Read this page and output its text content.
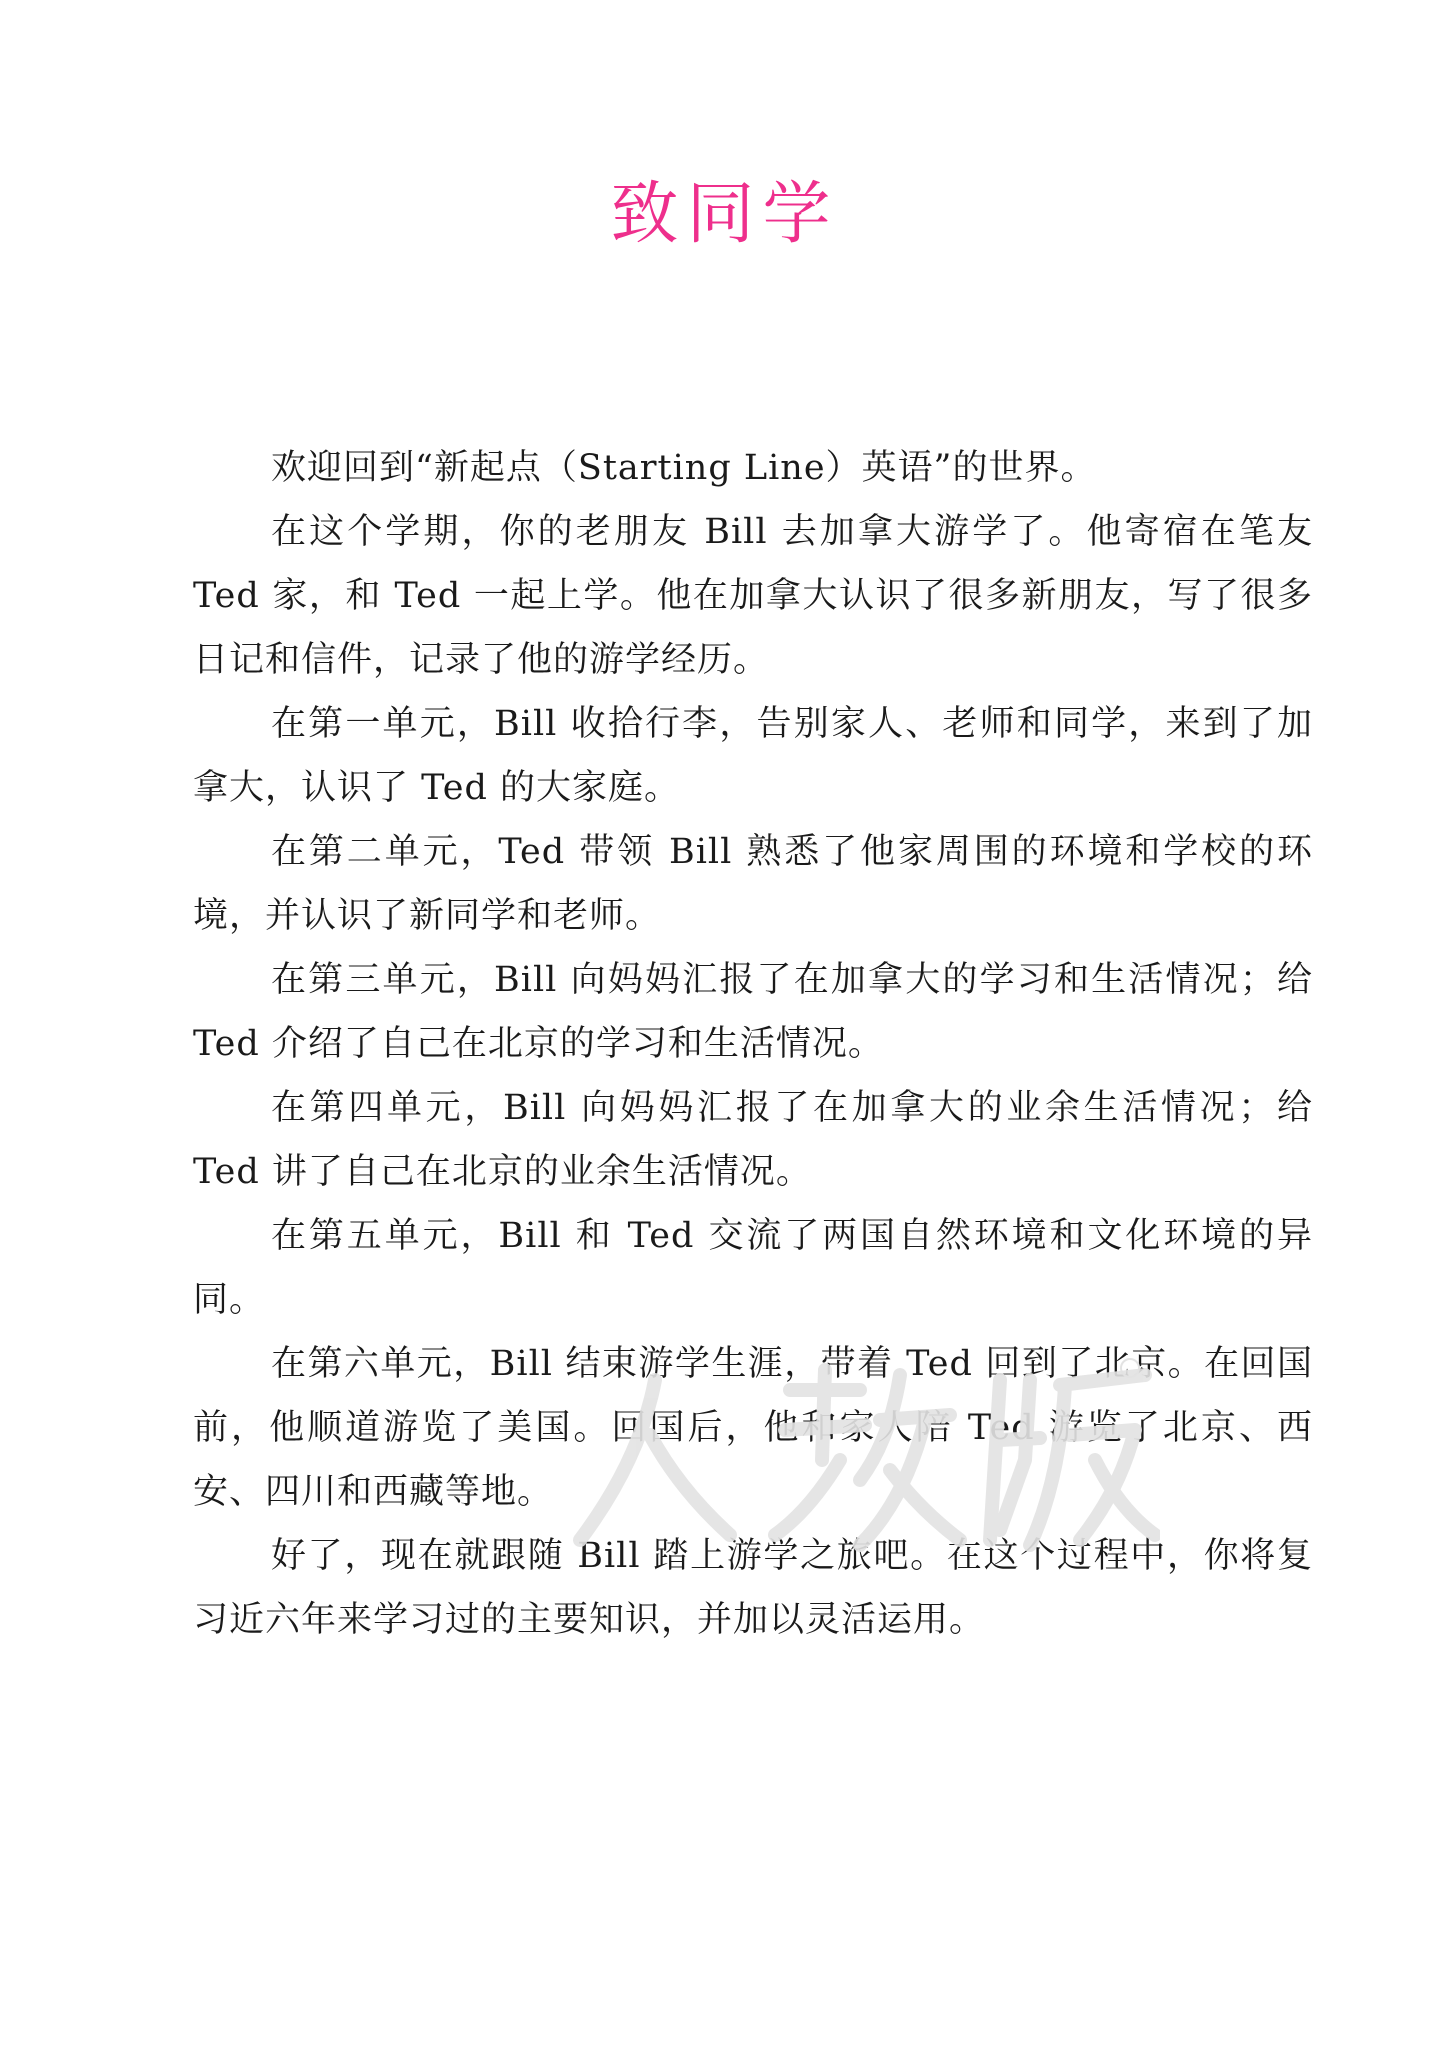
致同学

欢迎回到“新起点（Starting Line）英语”的世界。

在这个学期，你的老朋友 Bill 去加拿大游学了。他寄宿在笔友 Ted 家，和 Ted 一起上学。他在加拿大认识了很多新朋友，写了很多日记和信件，记录了他的游学经历。

在第一单元，Bill 收拾行李，告别家人、老师和同学，来到了加拿大，认识了 Ted 的大家庭。

在第二单元，Ted 带领 Bill 熟悉了他家周围的环境和学校的环境，并认识了新同学和老师。

在第三单元，Bill 向妈妈汇报了在加拿大的学习和生活情况；给 Ted 介绍了自己在北京的学习和生活情况。

在第四单元，Bill 向妈妈汇报了在加拿大的业余生活情况；给 Ted 讲了自己在北京的业余生活情况。

在第五单元，Bill 和 Ted 交流了两国自然环境和文化环境的异同。

在第六单元，Bill 结束游学生涯，带着 Ted 回到了北京。在回国前，他顺道游览了美国。回国后，他和家人陪 Ted 游览了北京、西安、四川和西藏等地。

好了，现在就跟随 Bill 踏上游学之旅吧。在这个过程中，你将复习近六年来学习过的主要知识，并加以灵活运用。
